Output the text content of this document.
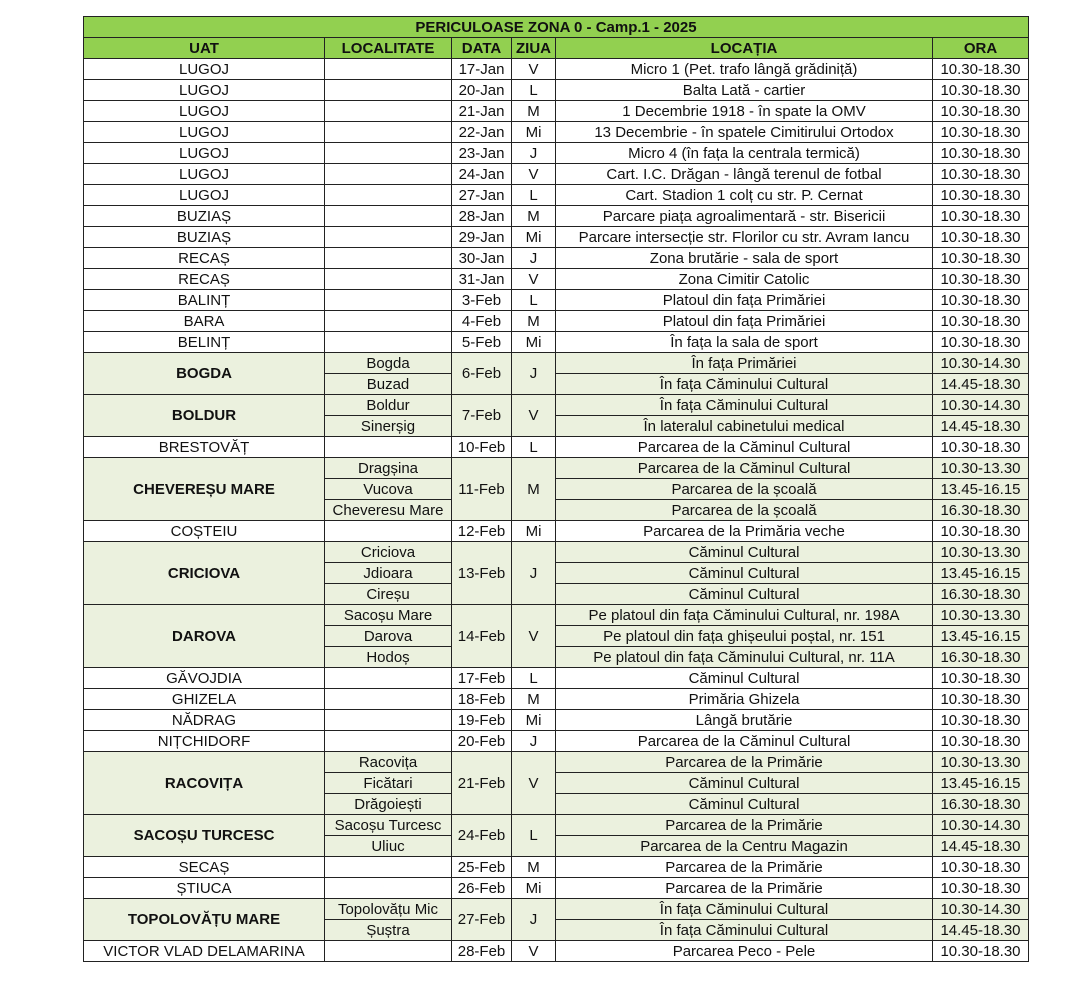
PERICULOASE ZONA 0 - Camp.1 - 2025					
UAT	LOCALITATE	DATA	ZIUA	LOCAȚIA	ORA
LUGOJ		17-Jan	V	Micro 1 (Pet. trafo lângă grădiniță)	10.30-18.30
LUGOJ		20-Jan	L	Balta Lată - cartier	10.30-18.30
LUGOJ		21-Jan	M	1 Decembrie 1918 - în spate la OMV	10.30-18.30
LUGOJ		22-Jan	Mi	13 Decembrie - în spatele Cimitirului Ortodox	10.30-18.30
LUGOJ		23-Jan	J	Micro 4 (în fața la centrala termică)	10.30-18.30
LUGOJ		24-Jan	V	Cart. I.C. Drăgan - lângă terenul de fotbal	10.30-18.30
LUGOJ		27-Jan	L	Cart. Stadion 1 colț cu str. P. Cernat	10.30-18.30
BUZIAȘ		28-Jan	M	Parcare piața agroalimentară - str. Bisericii	10.30-18.30
BUZIAȘ		29-Jan	Mi	Parcare intersecție str. Florilor cu str. Avram Iancu	10.30-18.30
RECAȘ		30-Jan	J	Zona brutărie - sala de sport	10.30-18.30
RECAȘ		31-Jan	V	Zona Cimitir Catolic	10.30-18.30
BALINȚ		3-Feb	L	Platoul din fața Primăriei	10.30-18.30
BARA		4-Feb	M	Platoul din fața Primăriei	10.30-18.30
BELINȚ		5-Feb	Mi	În fața la sala de sport	10.30-18.30
BOGDA	Bogda	6-Feb	J	În fața Primăriei	10.30-14.30
	Buzad			În fața Căminului Cultural	14.45-18.30
BOLDUR	Boldur	7-Feb	V	În fața Căminului Cultural	10.30-14.30
	Sinerșig			În lateralul cabinetului medical	14.45-18.30
BRESTOVĂȚ		10-Feb	L	Parcarea de la Căminul Cultural	10.30-18.30
CHEVEREȘU MARE	Dragșina	11-Feb	M	Parcarea de la Căminul Cultural	10.30-13.30
	Vucova			Parcarea de la școală	13.45-16.15
	Cheveresu Mare			Parcarea de la școală	16.30-18.30
COȘTEIU		12-Feb	Mi	Parcarea de la Primăria veche	10.30-18.30
CRICIOVA	Criciova	13-Feb	J	Căminul Cultural	10.30-13.30
	Jdioara			Căminul Cultural	13.45-16.15
	Cireșu			Căminul Cultural	16.30-18.30
DAROVA	Sacoșu Mare	14-Feb	V	Pe platoul din fața Căminului Cultural, nr. 198A	10.30-13.30
	Darova			Pe platoul din fața ghișeului poștal, nr. 151	13.45-16.15
	Hodoș			Pe platoul din fața Căminului Cultural, nr. 11A	16.30-18.30
GĂVOJDIA		17-Feb	L	Căminul Cultural	10.30-18.30
GHIZELA		18-Feb	M	Primăria Ghizela	10.30-18.30
NĂDRAG		19-Feb	Mi	Lângă brutărie	10.30-18.30
NIȚCHIDORF		20-Feb	J	Parcarea de la Căminul Cultural	10.30-18.30
RACOVIȚA	Racovița	21-Feb	V	Parcarea de la Primărie	10.30-13.30
	Ficătari			Căminul Cultural	13.45-16.15
	Drăgoiești			Căminul Cultural	16.30-18.30
SACOȘU TURCESC	Sacoșu Turcesc	24-Feb	L	Parcarea de la Primărie	10.30-14.30
	Uliuc			Parcarea de la Centru Magazin	14.45-18.30
SECAȘ		25-Feb	M	Parcarea de la Primărie	10.30-18.30
ȘTIUCA		26-Feb	Mi	Parcarea de la Primărie	10.30-18.30
TOPOLOVĂȚU MARE	Topolovățu Mic	27-Feb	J	În fața Căminului Cultural	10.30-14.30
	Șuștra			În fața Căminului Cultural	14.45-18.30
VICTOR VLAD DELAMARINA		28-Feb	V	Parcarea Peco - Pele	10.30-18.30
